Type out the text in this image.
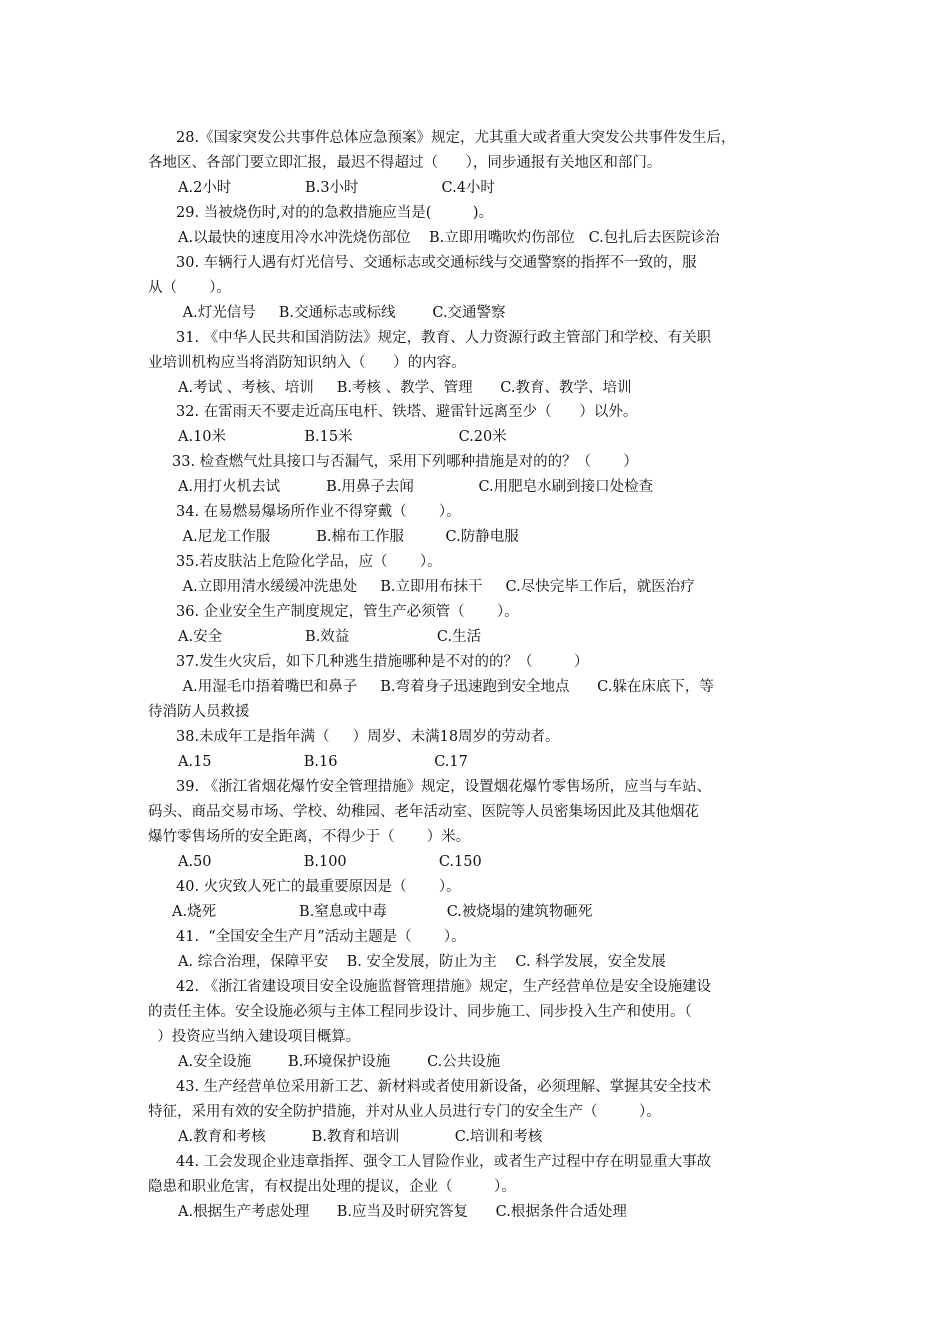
28.《国家突发公共事件总体应急预案》规定，尤其重大或者重大突发公共事件发生后，
各地区、各部门要立即汇报，最迟不得超过（      ），同步通报有关地区和部门。
A.2小时                B.3小时                  C.4小时
29. 当被烧伤时,对的的急救措施应当是(         )。
A.以最快的速度用冷水冲洗烧伤部位    B.立即用嘴吹灼伤部位   C.包扎后去医院诊治
30. 车辆行人遇有灯光信号、交通标志或交通标线与交通警察的指挥不一致的，服
从（       ）。
A.灯光信号     B.交通标志或标线        C.交通警察
31. 《中华人民共和国消防法》规定，教育、人力资源行政主管部门和学校、有关职
业培训机构应当将消防知识纳入（      ）的内容。
A.考试 、考核、培训     B.考核 、教学、管理      C.教育、教学、培训
32. 在雷雨天不要走近高压电杆、铁塔、避雷针远离至少（      ）以外。
A.10米                 B.15米                       C.20米
33. 检查燃气灶具接口与否漏气，采用下列哪种措施是对的的？（       ）
A.用打火机去试          B.用鼻子去闻              C.用肥皂水刷到接口处检查
34. 在易燃易爆场所作业不得穿戴（       ）。
A.尼龙工作服          B.棉布工作服         C.防静电服
35.若皮肤沾上危险化学品，应（       ）。
A.立即用清水缓缓冲洗患处     B.立即用布抹干     C.尽快完毕工作后，就医治疗
36. 企业安全生产制度规定，管生产必须管（       ）。
A.安全                  B.效益                   C.生活
37.发生火灾后，如下几种逃生措施哪种是不对的的？（         ）
A.用湿毛巾捂着嘴巴和鼻子     B.弯着身子迅速跑到安全地点      C.躲在床底下，等
待消防人员救援
38.未成年工是指年满（     ）周岁、未满18周岁的劳动者。
A.15                    B.16                     C.17
39. 《浙江省烟花爆竹安全管理措施》规定，设置烟花爆竹零售场所，应当与车站、
码头、商品交易市场、学校、幼稚园、老年活动室、医院等人员密集场因此及其他烟花
爆竹零售场所的安全距离，不得少于（       ）米。
A.50                    B.100                    C.150
40. 火灾致人死亡的最重要原因是（       ）。
A.烧死                  B.窒息或中毒             C.被烧塌的建筑物砸死
41.  “全国安全生产月”活动主题是（       ）。
A. 综合治理，保障平安    B. 安全发展，防止为主    C. 科学发展，安全发展
42. 《浙江省建设项目安全设施监督管理措施》规定，生产经营单位是安全设施建设
的责任主体。安全设施必须与主体工程同步设计、同步施工、同步投入生产和使用。（
）投资应当纳入建设项目概算。
A.安全设施        B.环境保护设施        C.公共设施
43. 生产经营单位采用新工艺、新材料或者使用新设备，必须理解、掌握其安全技术
特征，采用有效的安全防护措施，并对从业人员进行专门的安全生产（         ）。
A.教育和考核          B.教育和培训            C.培训和考核
44. 工会发现企业违章指挥、强令工人冒险作业，或者生产过程中存在明显重大事故
隐患和职业危害，有权提出处理的提议，企业（         ）。
A.根据生产考虑处理      B.应当及时研究答复      C.根据条件合适处理
